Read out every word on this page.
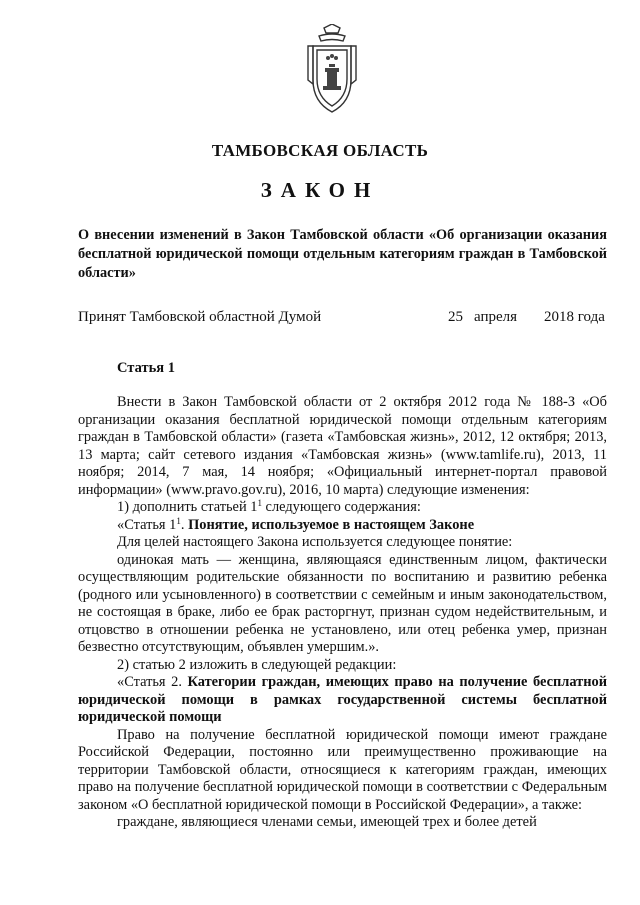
ТАМБОВСКАЯ ОБЛАСТЬ
ЗАКОН
О внесении изменений в Закон Тамбовской области «Об организации оказания бесплатной юридической помощи отдельным категориям граждан в Тамбовской области»
Принят Тамбовской областной Думой	25 апреля 2018 года
Статья 1

Внести в Закон Тамбовской области от 2 октября 2012 года № 188-З «Об организации оказания бесплатной юридической помощи отдельным категориям граждан в Тамбовской области» (газета «Тамбовская жизнь», 2012, 12 октября; 2013, 13 марта; сайт сетевого издания «Тамбовская жизнь» (www.tamlife.ru), 2013, 11 ноября; 2014, 7 мая, 14 ноября; «Официальный интернет-портал правовой информации» (www.pravo.gov.ru), 2016, 10 марта) следующие изменения:

1) дополнить статьей $1^1$ следующего содержания:

«Статья $1^1$. Понятие, используемое в настоящем Законе

Для целей настоящего Закона используется следующее понятие:

одинокая мать — женщина, являющаяся единственным лицом, фактически осуществляющим родительские обязанности по воспитанию и развитию ребенка (родного или усыновленного) в соответствии с семейным и иным законодательством, не состоящая в браке, либо ее брак расторгнут, признан судом недействительным, и отцовство в отношении ребенка не установлено, или отец ребенка умер, признан безвестно отсутствующим, объявлен умершим.».

2) статью 2 изложить в следующей редакции:

«Статья 2. Категории граждан, имеющих право на получение бесплатной юридической помощи в рамках государственной системы бесплатной юридической помощи

Право на получение бесплатной юридической помощи имеют граждане Российской Федерации, постоянно или преимущественно проживающие на территории Тамбовской области, относящиеся к категориям граждан, имеющих право на получение бесплатной юридической помощи в соответствии с Федеральным законом «О бесплатной юридической помощи в Российской Федерации», а также:

граждане, являющиеся членами семьи, имеющей трех и более детей
